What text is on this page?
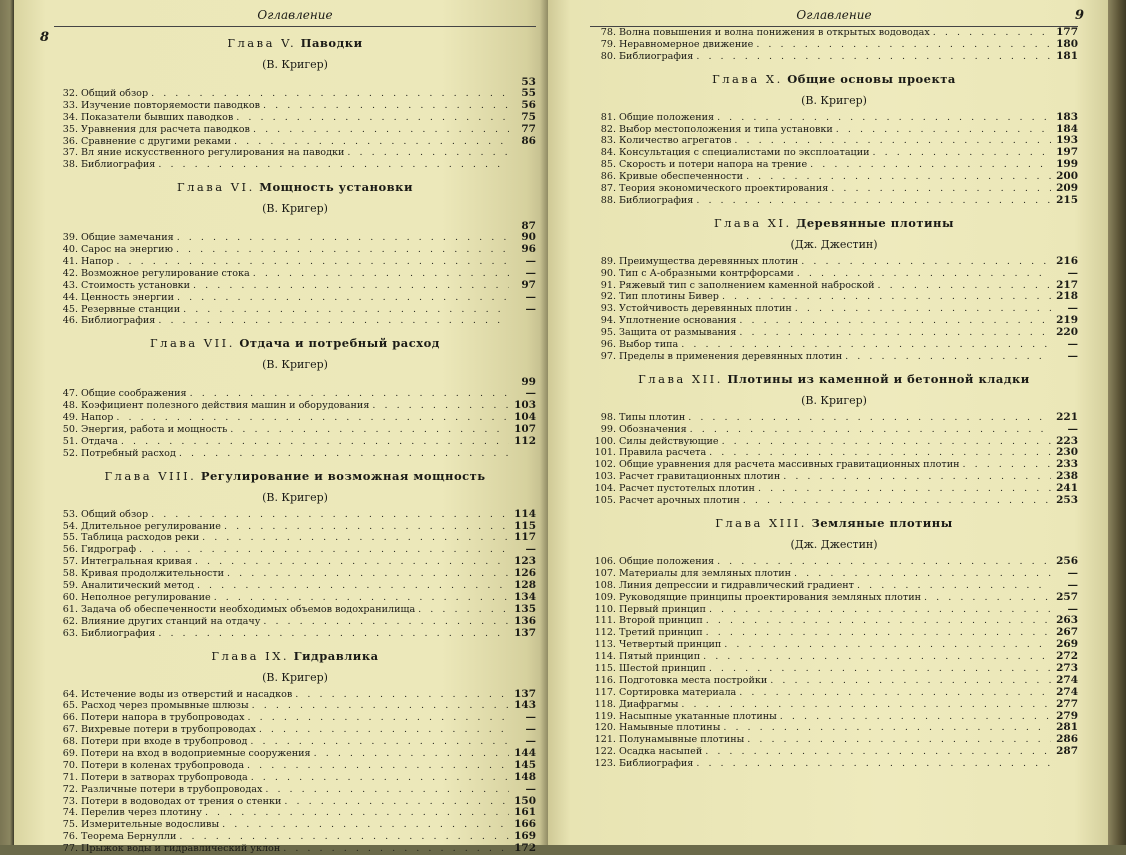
Оглавление
8	Глава V. Паводки
(В. Кригер)
53
32. Общий обзор . . .	55
33. Изучение повторяемости паводков . . .	56
34. Показатели бывших паводков . . .	75
35. Уравнения для расчета паводков . . .	77
36. Сравнение с другими реками . . .	86
37. Вл яние искусственного регулирования на паводки
. . .
38. Библиография
. . .
Глава VI. Мощность установки
(В. Кригер)
87
39. Общие замечания . . .	90
40. Сарос на энергию . . .	96
41. Напор . . .	—
42. Возможное регулирование стока . . .	—
43. Стоимость установки . . .	97
44. Ценность энергии . . .	—
45. Резервные станции . . .	—
46. Библиография
. . .
Глава VII. Отдача и потребный расход
(В. Кригер)
99
47. Общие соображения . . .	—
48. Коэфициент полезного действия машин и оборудования . . .	103
49. Напор . . .	104
50. Энергия, работа и мощность . . .	107
51. Отдача . . .	112
52. Потребный расход
. . .
Глава VIII. Регулирование и возможная мощность
(В. Кригер)
53. Общий обзор . . .	114
54. Длительное регулирование . . .	115
55. Таблица расходов реки . . .	117
56. Гидрограф . . .	—
57. Интегральная кривая . . .	123
58. Кривая продолжительности . . .	126
59. Аналитический метод . . .	128
60. Неполное регулирование . . .	134
61. Задача об обеспеченности необходимых объемов водохранилища . . .	135
62. Влияние других станций на отдачу . . .	136
63. Библиография . . .	137
Глава IX. Гидравлика
(В. Кригер)
64. Истечение воды из отверстий и насадков . . .	137
65. Расход через промывные шлюзы . . .	143
66. Потери напора в трубопроводах . . .	—
67. Вихревые потери в трубопроводах . . .	—
68. Потери при входе в трубопровод . . .	—
69. Потери на вход в водоприемные сооружения . . .	144
70. Потери в коленах трубопровода . . .	145
71. Потери в затворах трубопровода . . .	148
72. Различные потери в трубопроводах . . .	—
73. Потери в водоводах от трения о стенки . . .	150
74. Перелив через плотину . . .	161
75. Измерительные водосливы . . .	166
76. Теорема Бернулли . . .	169
77. Прыжок воды и гидравлический уклон . . .	172
Оглавление	9
78. Волна повышения и волна понижения в открытых водоводах . . .	177
79. Неравномерное движение . . .	180
80. Библиография . . .	181
Глава X. Общие основы проекта
(В. Кригер)
81. Общие положения . . .	183
82. Выбор местоположения и типа установки . . .	184
83. Количество агрегатов . . .	193
84. Консультация с специалистами по эксплоатации . . .	197
85. Скорость и потери напора на трение . . .	199
86. Кривые обеспеченности . . .	200
87. Теория экономического проектирования . . .	209
88. Библиография . . .	215
Глава XI. Деревянные плотины
(Дж. Джестин)
89. Преимущества деревянных плотин . . .	216
90. Тип с А-образными контрфорсами . . .	—
91. Ряжевый тип с заполнением каменной наброской . . .	217
92. Тип плотины Бивер . . .	218
93. Устойчивость деревянных плотин . . .	—
94. Уплотнение основания . . .	219
95. Защита от размывания . . .	220
96. Выбор типа . . .	—
97. Пределы в применения деревянных плотин . . .	—
Глава XII. Плотины из каменной и бетонной кладки
(В. Кригер)
98. Типы плотин . . .	221
99. Обозначения . . .	—
100. Силы действующие . . .	223
101. Правила расчета . . .	230
102. Общие уравнения для расчета массивных гравитационных плотин . . .	233
103. Расчет гравитационных плотин . . .	238
104. Расчет пустотелых плотин . . .	241
105. Расчет арочных плотин . . .	253
Глава XIII. Земляные плотины
(Дж. Джестин)
106. Общие положения . . .	256
107. Материалы для земляных плотин . . .	—
108. Линия депрессии и гидравлический градиент . . .	—
109. Руководящие принципы проектирования земляных плотин . . .	257
110. Первый принцип . . .	—
111. Второй принцип . . .	263
112. Третий принцип . . .	267
113. Четвертый принцип . . .	269
114. Пятый принцип . . .	272
115. Шестой принцип . . .	273
116. Подготовка места постройки . . .	274
117. Сортировка материала . . .	274
118. Диафрагмы . . .	277
119. Насыпные укатанные плотины . . .	279
120. Намывные плотины . . .	281
121. Полунамывные плотины . . .	286
122. Осадка насыпей . . .	287
123. Библиография
. . .
